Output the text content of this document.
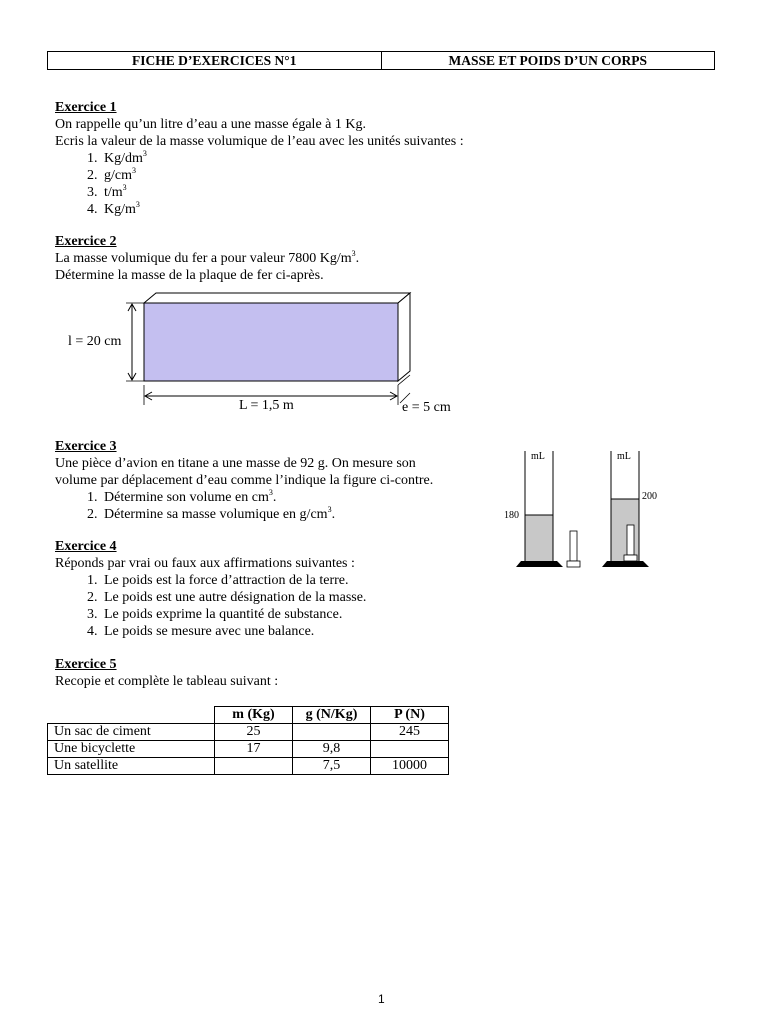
FICHE D’EXERCICES N°1	MASSE ET POIDS D’UN CORPS
Exercice 1
On rappelle qu’un litre d’eau a une masse égale à 1 Kg.
Ecris la valeur de la masse volumique de l’eau avec les unités suivantes :
1. $Kg/dm^3$
2. $g/cm^3$
3. $t/m^3$
4. $Kg/m^3$
Exercice 2
La masse volumique du fer a pour valeur 7800 $Kg/m^3$.
Détermine la masse de la plaque de fer ci-après.
l = 20 cm
L = 1,5 m	e = 5 cm
Exercice 3
Une pièce d’avion en titane a une masse de 92 g. On mesure son
volume par déplacement d’eau comme l’indique la figure ci-contre.
1. Détermine son volume en $cm^3$.
2. Détermine sa masse volumique en $g/cm^3$.
mL	mL
180
200
Exercice 4
Réponds par vrai ou faux aux affirmations suivantes :
1. Le poids est la force d’attraction de la terre.
2. Le poids est une autre désignation de la masse.
3. Le poids exprime la quantité de substance.
4. Le poids se mesure avec une balance.
Exercice 5
Recopie et complète le tableau suivant :
	m (Kg)	g (N/Kg)	P (N)
Un sac de ciment	25		245
Une bicyclette	17	9,8	
Un satellite		7,5	10000
1
